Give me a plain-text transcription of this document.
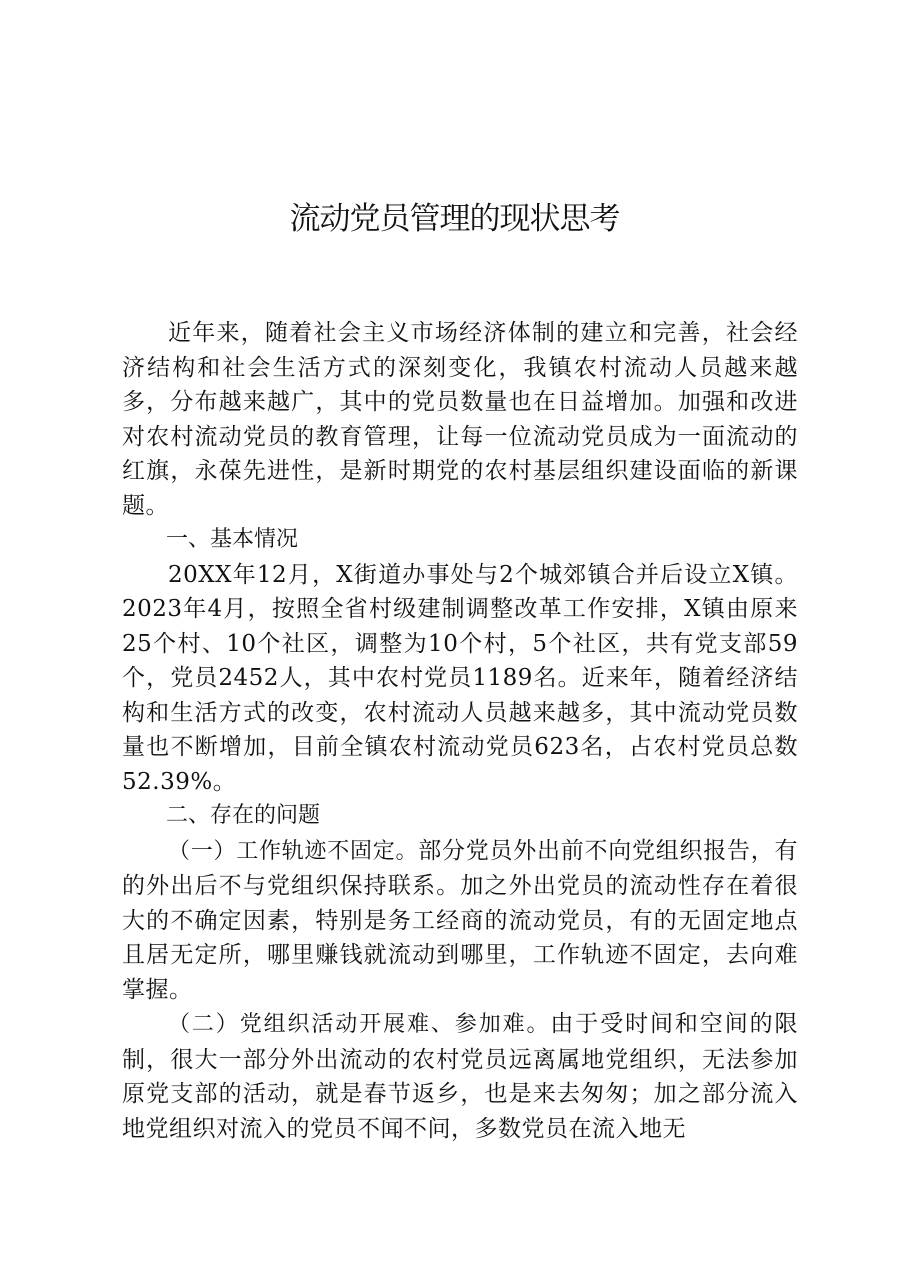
流动党员管理的现状思考

近年来，随着社会主义市场经济体制的建立和完善，社会经济结构和社会生活方式的深刻变化，我镇农村流动人员越来越多，分布越来越广，其中的党员数量也在日益增加。加强和改进对农村流动党员的教育管理，让每一位流动党员成为一面流动的红旗，永葆先进性，是新时期党的农村基层组织建设面临的新课题。

一、基本情况

20XX年12月，X街道办事处与2个城郊镇合并后设立X镇。2023年4月，按照全省村级建制调整改革工作安排，X镇由原来25个村、10个社区，调整为10个村，5个社区，共有党支部59个，党员2452人，其中农村党员1189名。近来年，随着经济结构和生活方式的改变，农村流动人员越来越多，其中流动党员数量也不断增加，目前全镇农村流动党员623名，占农村党员总数52.39%。

二、存在的问题

（一）工作轨迹不固定。部分党员外出前不向党组织报告，有的外出后不与党组织保持联系。加之外出党员的流动性存在着很大的不确定因素，特别是务工经商的流动党员，有的无固定地点且居无定所，哪里赚钱就流动到哪里，工作轨迹不固定，去向难掌握。

（二）党组织活动开展难、参加难。由于受时间和空间的限制，很大一部分外出流动的农村党员远离属地党组织，无法参加原党支部的活动，就是春节返乡，也是来去匆匆；加之部分流入地党组织对流入的党员不闻不问，多数党员在流入地无
